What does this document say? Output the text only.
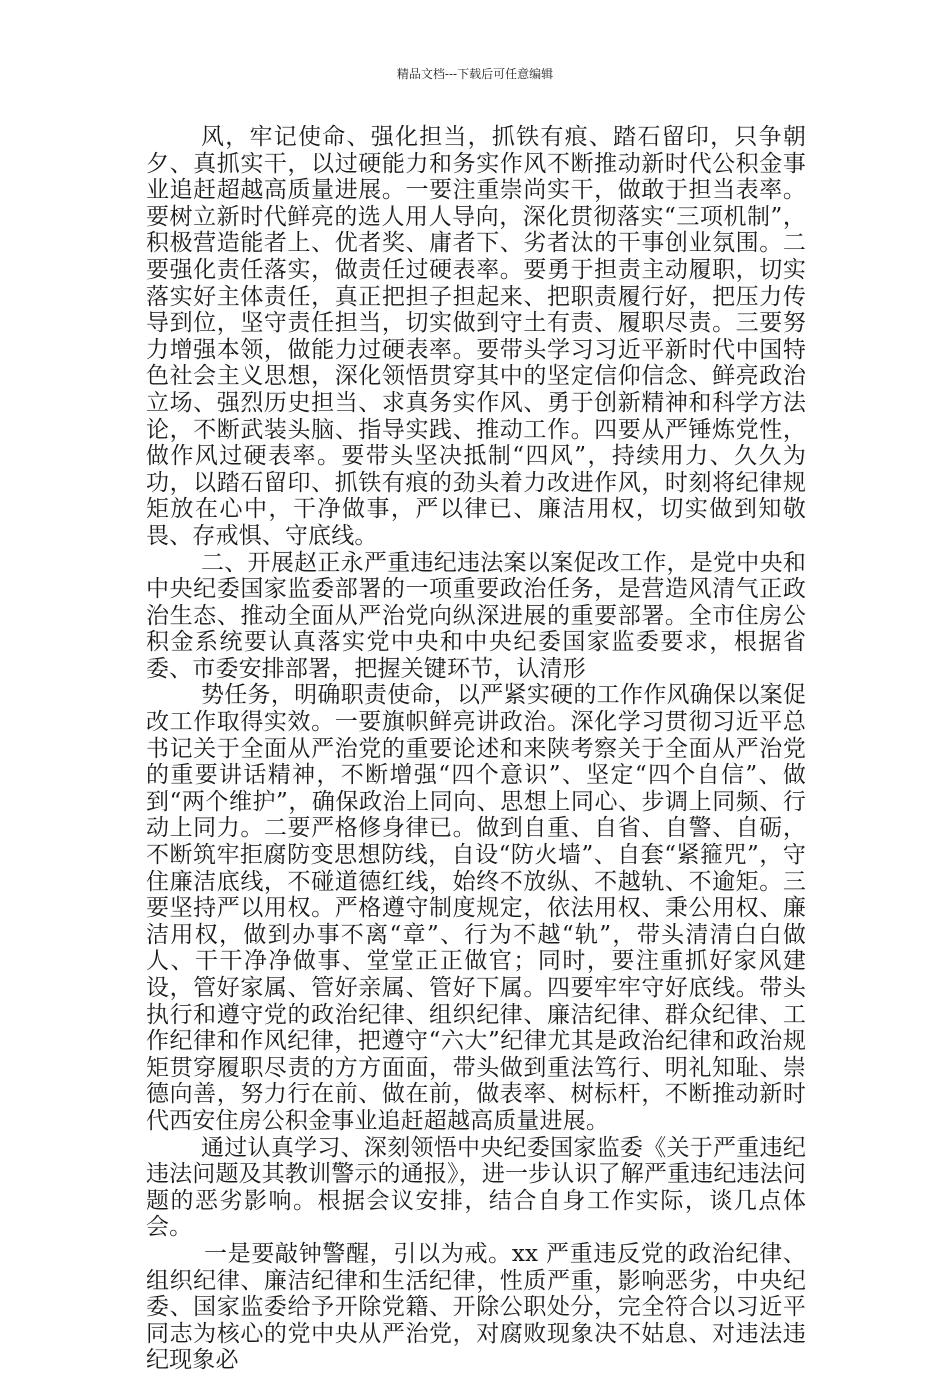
精品文档---下载后可任意编辑

风，牢记使命、强化担当，抓铁有痕、踏石留印，只争朝夕、真抓实干，以过硬能力和务实作风不断推动新时代公积金事业追赶超越高质量进展。一要注重崇尚实干，做敢于担当表率。要树立新时代鲜亮的选人用人导向，深化贯彻落实“三项机制”，积极营造能者上、优者奖、庸者下、劣者汰的干事创业氛围。二要强化责任落实，做责任过硬表率。要勇于担责主动履职，切实落实好主体责任，真正把担子担起来、把职责履行好，把压力传导到位，坚守责任担当，切实做到守土有责、履职尽责。三要努力增强本领，做能力过硬表率。要带头学习习近平新时代中国特色社会主义思想，深化领悟贯穿其中的坚定信仰信念、鲜亮政治立场、强烈历史担当、求真务实作风、勇于创新精神和科学方法论，不断武装头脑、指导实践、推动工作。四要从严锤炼党性，做作风过硬表率。要带头坚决抵制“四风”，持续用力、久久为功，以踏石留印、抓铁有痕的劲头着力改进作风，时刻将纪律规矩放在心中，干净做事，严以律已、廉洁用权，切实做到知敬畏、存戒惧、守底线。

二、开展赵正永严重违纪违法案以案促改工作，是党中央和中央纪委国家监委部署的一项重要政治任务，是营造风清气正政治生态、推动全面从严治党向纵深进展的重要部署。全市住房公积金系统要认真落实党中央和中央纪委国家监委要求，根据省委、市委安排部署，把握关键环节，认清形

势任务，明确职责使命，以严紧实硬的工作作风确保以案促改工作取得实效。一要旗帜鲜亮讲政治。深化学习贯彻习近平总书记关于全面从严治党的重要论述和来陕考察关于全面从严治党的重要讲话精神，不断增强“四个意识”、坚定“四个自信”、做到“两个维护”，确保政治上同向、思想上同心、步调上同频、行动上同力。二要严格修身律已。做到自重、自省、自警、自砺，不断筑牢拒腐防变思想防线，自设“防火墙”、自套“紧箍咒”，守住廉洁底线，不碰道德红线，始终不放纵、不越轨、不逾矩。三要坚持严以用权。严格遵守制度规定，依法用权、秉公用权、廉洁用权，做到办事不离“章”、行为不越“轨”，带头清清白白做人、干干净净做事、堂堂正正做官；同时，要注重抓好家风建设，管好家属、管好亲属、管好下属。四要牢牢守好底线。带头执行和遵守党的政治纪律、组织纪律、廉洁纪律、群众纪律、工作纪律和作风纪律，把遵守“六大”纪律尤其是政治纪律和政治规矩贯穿履职尽责的方方面面，带头做到重法笃行、明礼知耻、崇德向善，努力行在前、做在前，做表率、树标杆，不断推动新时代西安住房公积金事业追赶超越高质量进展。

通过认真学习、深刻领悟中央纪委国家监委《关于严重违纪违法问题及其教训警示的通报》，进一步认识了解严重违纪违法问题的恶劣影响。根据会议安排，结合自身工作实际，谈几点体会。

一是要敲钟警醒，引以为戒。xx 严重违反党的政治纪律、组织纪律、廉洁纪律和生活纪律，性质严重，影响恶劣，中央纪委、国家监委给予开除党籍、开除公职处分，完全符合以习近平同志为核心的党中央从严治党，对腐败现象决不姑息、对违法违纪现象必
